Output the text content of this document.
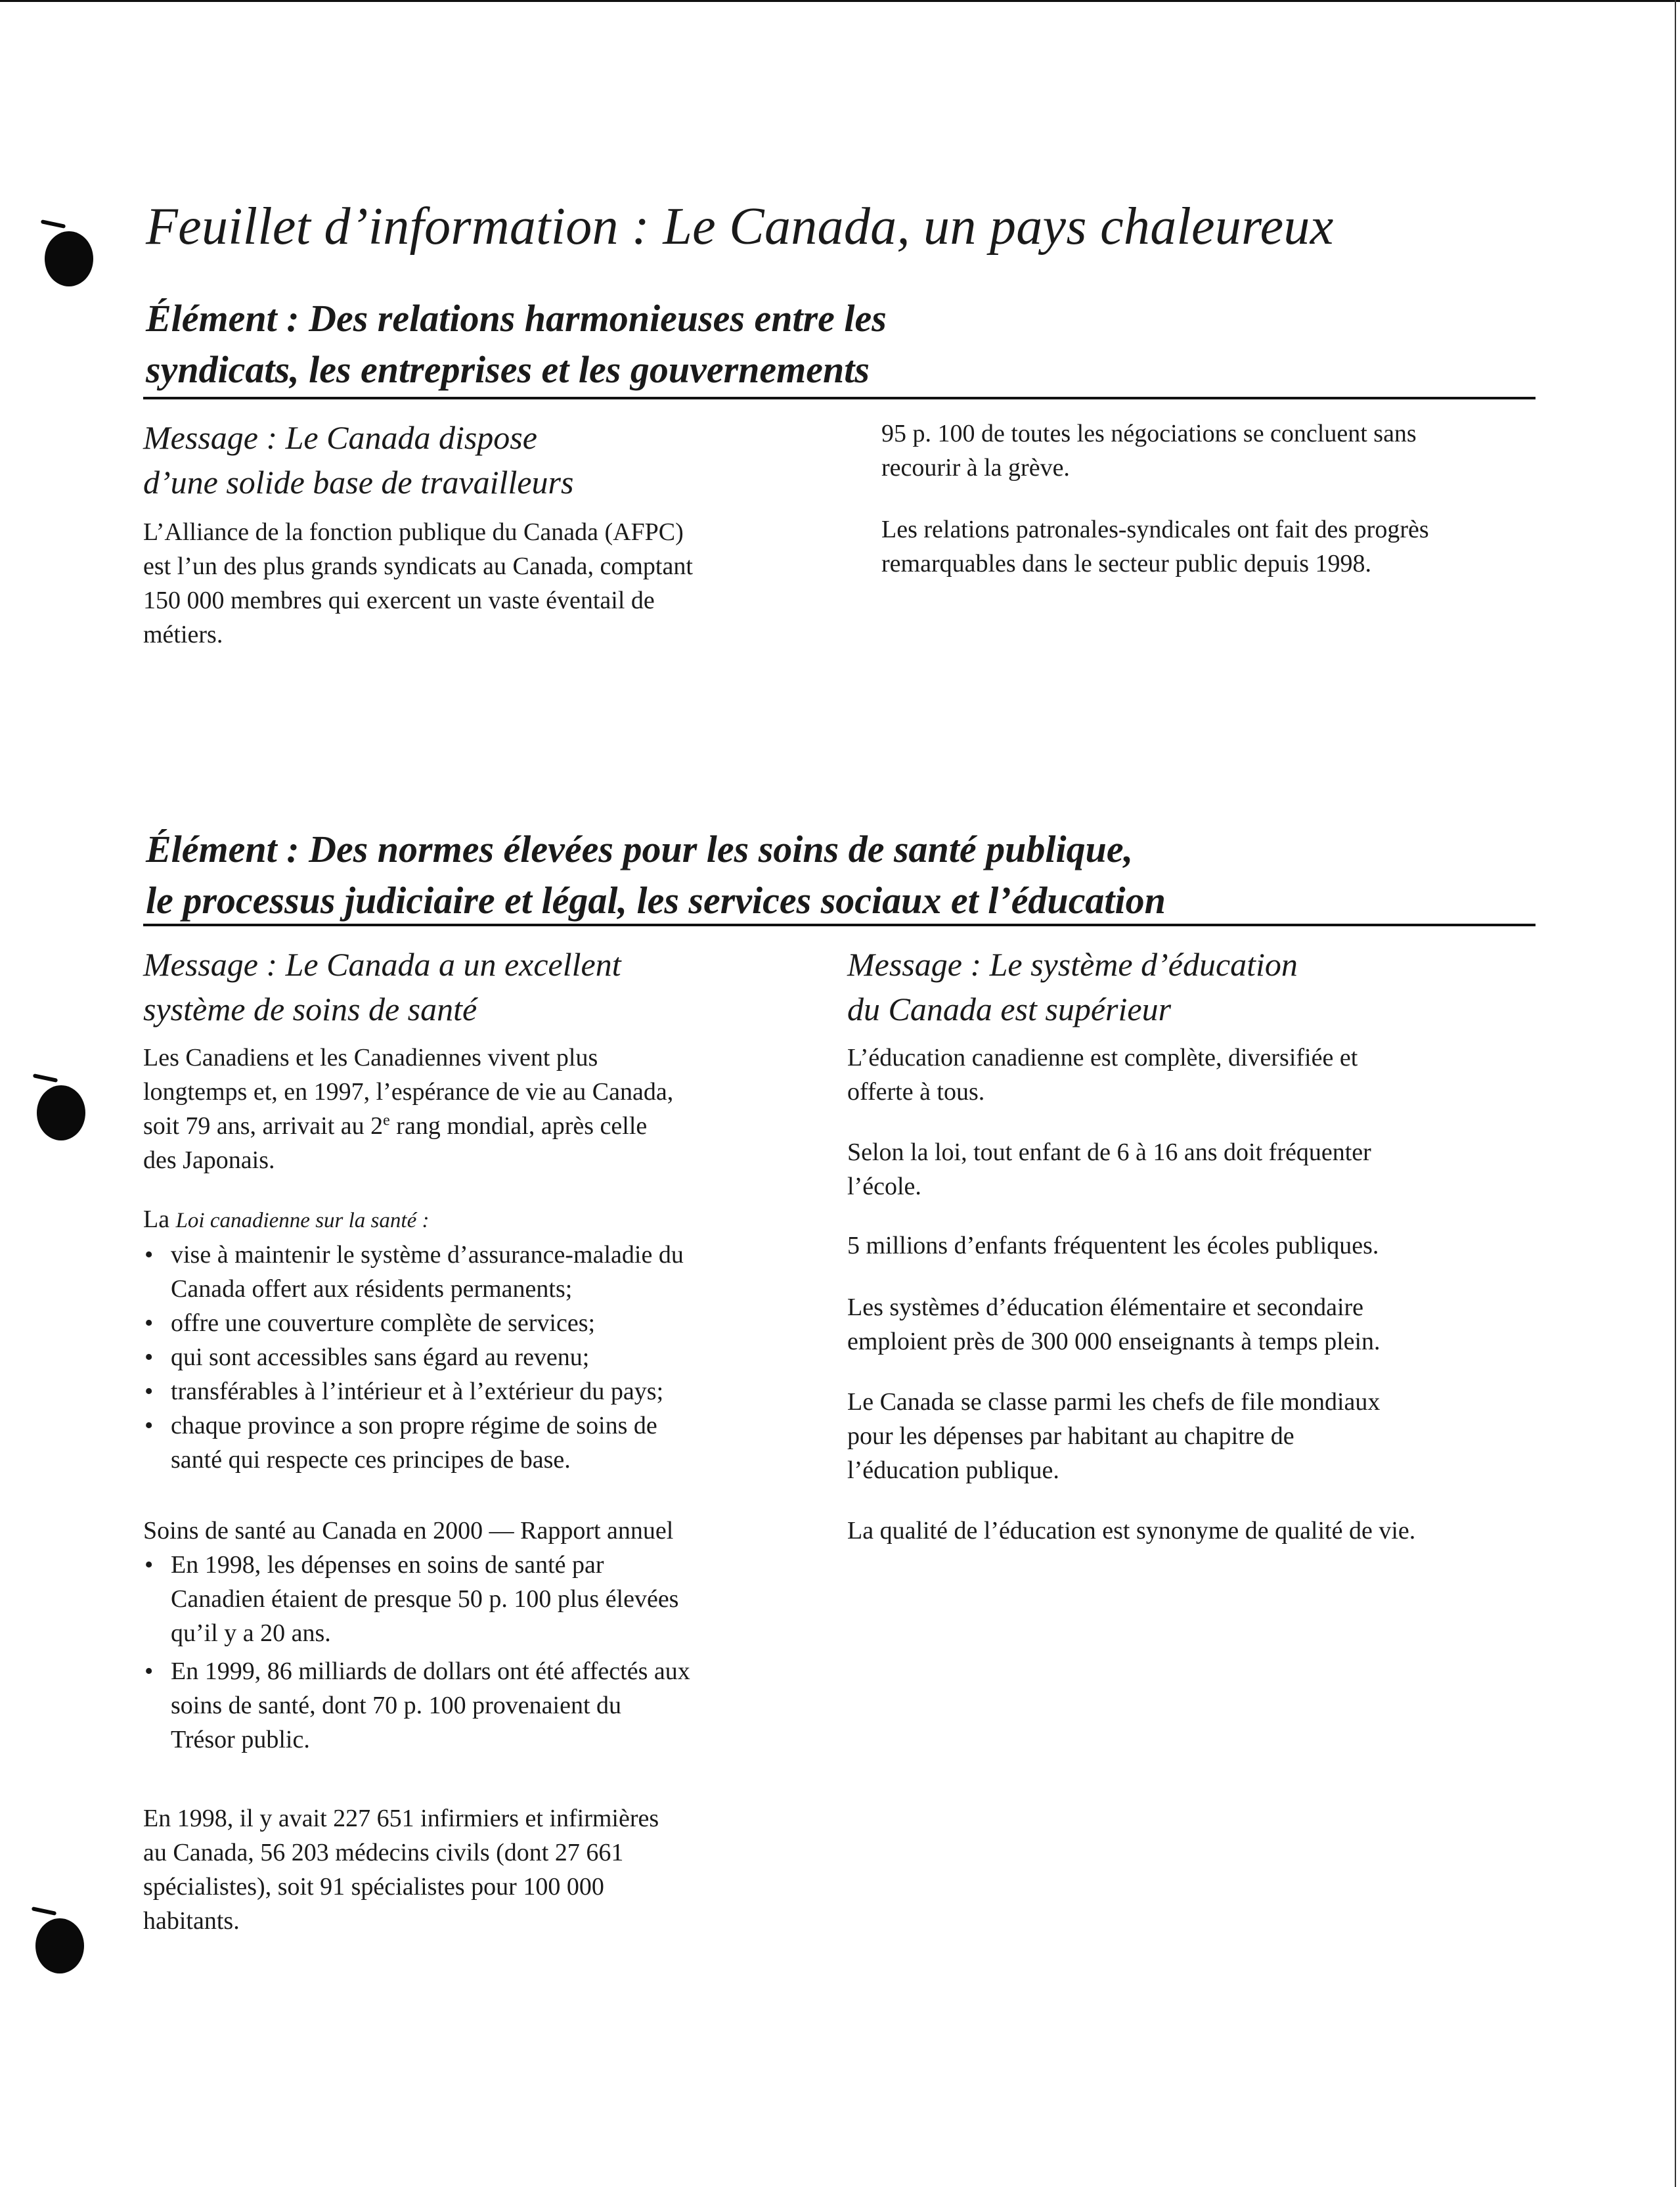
Feuillet d’information : Le Canada, un pays chaleureux
Élément : Des relations harmonieuses entre les
syndicats, les entreprises et les gouvernements
Message : Le Canada dispose
d’une solide base de travailleurs

L’Alliance de la fonction publique du Canada (AFPC)
est l’un des plus grands syndicats au Canada, comptant
150 000 membres qui exercent un vaste éventail de
métiers.

95 p. 100 de toutes les négociations se concluent sans
recourir à la grève.

Les relations patronales-syndicales ont fait des progrès
remarquables dans le secteur public depuis 1998.

Élément : Des normes élevées pour les soins de santé publique,
le processus judiciaire et légal, les services sociaux et l’éducation
Message : Le Canada a un excellent
système de soins de santé

Les Canadiens et les Canadiennes vivent plus
longtemps et, en 1997, l’espérance de vie au Canada,
soit 79 ans, arrivait au 2e rang mondial, après celle
des Japonais.

La Loi canadienne sur la santé :
• vise à maintenir le système d’assurance-maladie du
Canada offert aux résidents permanents;
• offre une couverture complète de services;
• qui sont accessibles sans égard au revenu;
• transférables à l’intérieur et à l’extérieur du pays;
• chaque province a son propre régime de soins de
santé qui respecte ces principes de base.
Soins de santé au Canada en 2000 — Rapport annuel
• En 1998, les dépenses en soins de santé par
Canadien étaient de presque 50 p. 100 plus élevées
qu’il y a 20 ans.
• En 1999, 86 milliards de dollars ont été affectés aux
soins de santé, dont 70 p. 100 provenaient du
Trésor public.

En 1998, il y avait 227 651 infirmiers et infirmières
au Canada, 56 203 médecins civils (dont 27 661
spécialistes), soit 91 spécialistes pour 100 000
habitants.

Message : Le système d’éducation
du Canada est supérieur

L’éducation canadienne est complète, diversifiée et
offerte à tous.

Selon la loi, tout enfant de 6 à 16 ans doit fréquenter
l’école.

5 millions d’enfants fréquentent les écoles publiques.

Les systèmes d’éducation élémentaire et secondaire
emploient près de 300 000 enseignants à temps plein.

Le Canada se classe parmi les chefs de file mondiaux
pour les dépenses par habitant au chapitre de
l’éducation publique.

La qualité de l’éducation est synonyme de qualité de vie.
